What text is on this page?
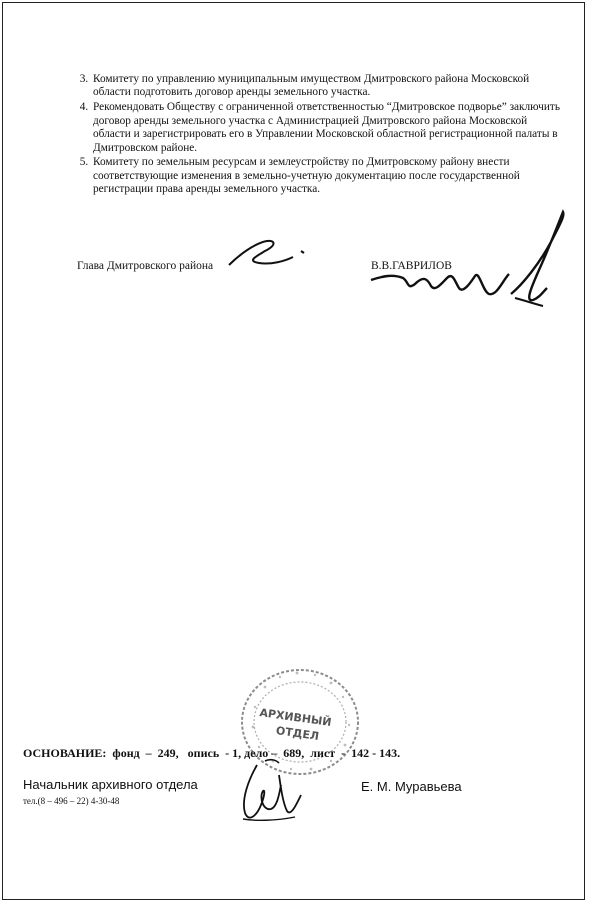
3. Комитету по управлению муниципальным имуществом Дмитровского района Московской области подготовить договор аренды земельного участка.
4. Рекомендовать Обществу с ограниченной ответственностью “Дмитровское подворье” заключить договор аренды земельного участка с Администрацией Дмитровского района Московской области и зарегистрировать его в Управлении Московской областной регистрационной палаты в Дмитровском районе.
5. Комитету по земельным ресурсам и землеустройству по Дмитровскому району внести соответствующие изменения в земельно-учетную документацию после государственной регистрации права аренды земельного участка.
Глава Дмитровского района	В.В.ГАВРИЛОВ
АРХИВНЫЙ
ОТДЕЛ
ОСНОВАНИЕ:  фонд  –  249,   опись  - 1, дело –  689,  лист  -  142 - 143.
Начальник архивного отдела
тел.(8 – 496 – 22) 4-30-48
Е. М. Муравьева
